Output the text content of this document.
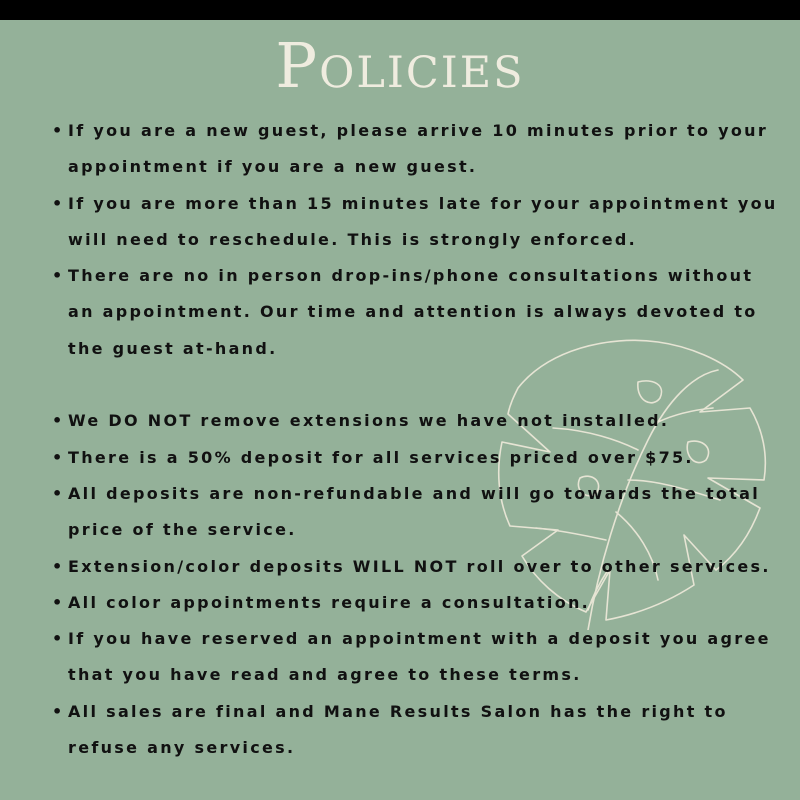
Policies
• If you are a new guest, please arrive 10 minutes prior to your appointment if you are a new guest.
• If you are more than 15 minutes late for your appointment you will need to reschedule. This is strongly enforced.
• There are no in person drop-ins/phone consultations without an appointment. Our time and attention is always devoted to the guest at-hand.
• We DO NOT remove extensions we have not installed.
• There is a 50% deposit for all services priced over $75.
• All deposits are non-refundable and will go towards the total price of the service.
• Extension/color deposits WILL NOT roll over to other services.
• All color appointments require a consultation.
• If you have reserved an appointment with a deposit you agree that you have read and agree to these terms.
• All sales are final and Mane Results Salon has the right to refuse any services.
